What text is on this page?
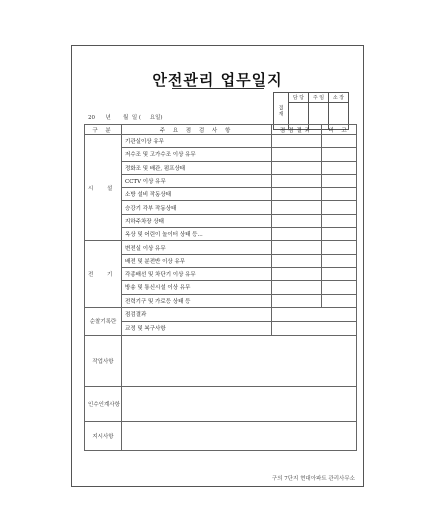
안전관리 업무일지
결재	담 당	주 임	소 장

20      년       월  일 (     요일)
구 분	주 요 점 검 사 항	점검결과	비 고
시 설	기관실이상 유무		
	저수조 및 고가수조 이상 유무		
	정화조 및 배관, 펌프상태		
	CCTV 이상 유무		
	소방 설비 작동상태		
	승강기 각부 작동상태		
	지하주차장 상태		
	옥상 및 어린이 놀이터 상태 등...		
전 기	변전실 이상 유무		
	배전 및 분전반 이상 유무		
	각종배선 및 차단기 이상 유무		
	방송 및 통신시설 이상 유무		
	전력기구 및 가로등 상태 등		
순찰기록란	점검결과		
	교정 및 복구사항		
작업사항			
인수인계사항			
지시사항			
구의 7단지 현대아파트 관리사무소
